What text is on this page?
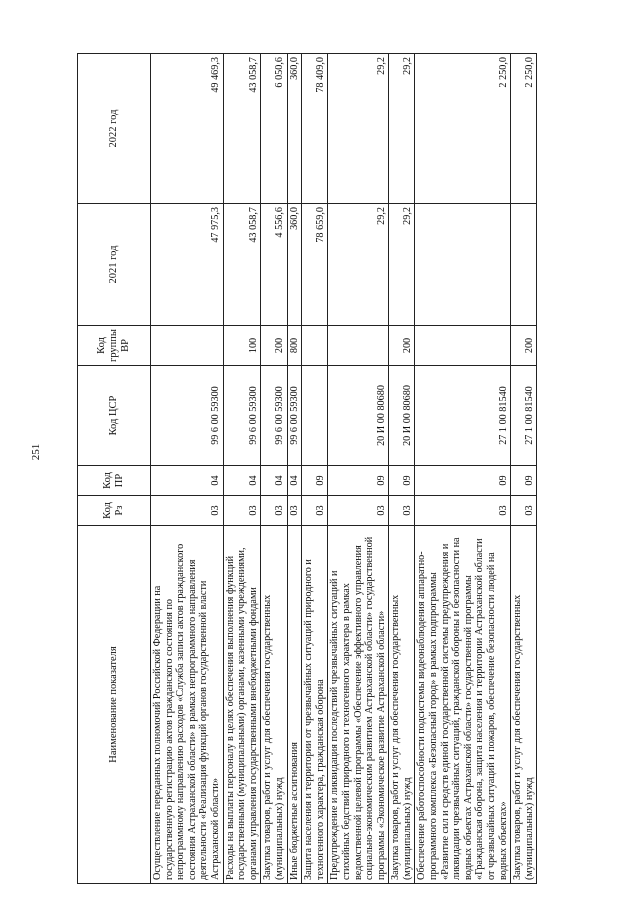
251
Наименование показателя	Код Рз	Код ПР	Код ЦСР	Код группы ВР	2021 год	2022 год
Осуществление переданных полномочий Российской Федерации на государственную регистрацию актов гражданского состояния по непрограммному направлению расходов «Служба записи актов гражданского состояния Астраханской области» в рамках непрограммного направления деятельности «Реализация функций органов государственной власти Астраханской области»	03	04	99 6 00 59300		47 975,3	49 469,3
Расходы на выплаты персоналу в целях обеспечения выполнения функций государственными (муниципальными) органами, казенными учреждениями, органами управления государственными внебюджетными фондами	03	04	99 6 00 59300	100	43 058,7	43 058,7
Закупка товаров, работ и услуг для обеспечения государственных (муниципальных) нужд	03	04	99 6 00 59300	200	4 556,6	6 050,6
Иные бюджетные ассигнования	03	04	99 6 00 59300	800	360,0	360,0
Защита населения и территории от чрезвычайных ситуаций природного и техногенного характера, гражданская оборона	03	09			78 659,0	78 409,0
Предупреждение и ликвидация последствий чрезвычайных ситуаций и стихийных бедствий природного и техногенного характера в рамках ведомственной целевой программы «Обеспечение эффективного управления социально-экономическим развитием Астраханской области» государственной программы «Экономическое развитие Астраханской области»	03	09	20 И 00 80680		29,2	29,2
Закупка товаров, работ и услуг для обеспечения государственных (муниципальных) нужд	03	09	20 И 00 80680	200	29,2	29,2
Обеспечение работоспособности подсистемы видеонаблюдения аппаратно-программного комплекса «Безопасный город» в рамках подпрограммы «Развитие сил и средств единой государственной системы предупреждения и ликвидации чрезвычайных ситуаций, гражданской обороны и безопасности на водных объектах Астраханской области» государственной программы «Гражданская оборона, защита населения и территории Астраханской области от чрезвычайных ситуаций и пожаров, обеспечение безопасности людей на водных объектах»	03	09	27 1 00 81540			2 250,0
Закупка товаров, работ и услуг для обеспечения государственных (муниципальных) нужд	03	09	27 1 00 81540	200		2 250,0
